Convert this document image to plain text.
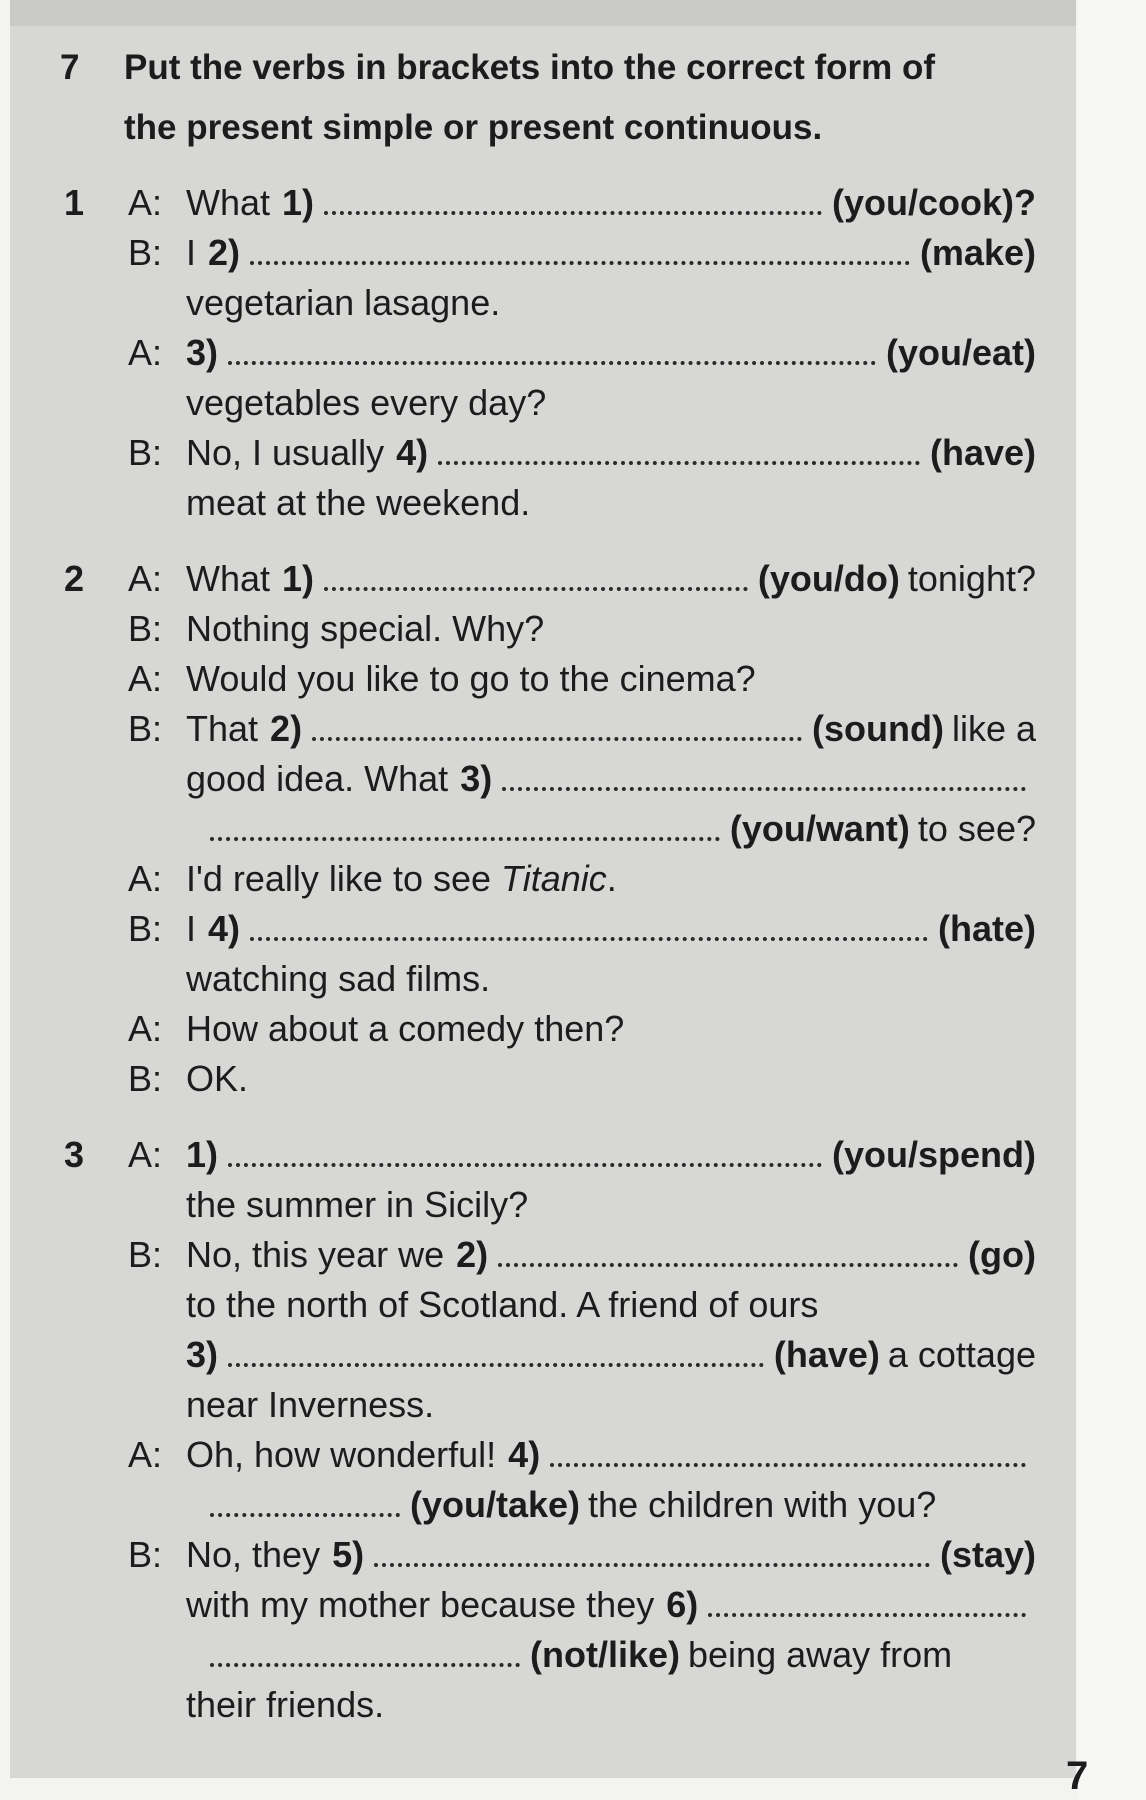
7	Put the verbs in brackets into the correct form of
the present simple or present continuous.
1 A: What 1)	(you/cook)?
B: I 2)	(make)
vegetarian lasagne.
A: 3)	(you/eat)
vegetables every day?
B: No, I usually 4)	(have)
meat at the weekend.
2 A: What 1)	(you/do) tonight?
B: Nothing special. Why?
A: Would you like to go to the cinema?
B: That 2)	(sound) like a
good idea. What 3)
(you/want) to see?
A: I'd really like to see Titanic .
B: I 4)	(hate)
watching sad films.
A: How about a comedy then?
B: OK.
3 A: 1)	(you/spend)
the summer in Sicily?
B: No, this year we 2)	(go)
to the north of Scotland. A friend of ours
3)	(have) a cottage
near Inverness.
A: Oh, how wonderful! 4)
(you/take) the children with you?
B: No, they 5)	(stay)
with my mother because they 6)
(not/like) being away from
their friends.
7
